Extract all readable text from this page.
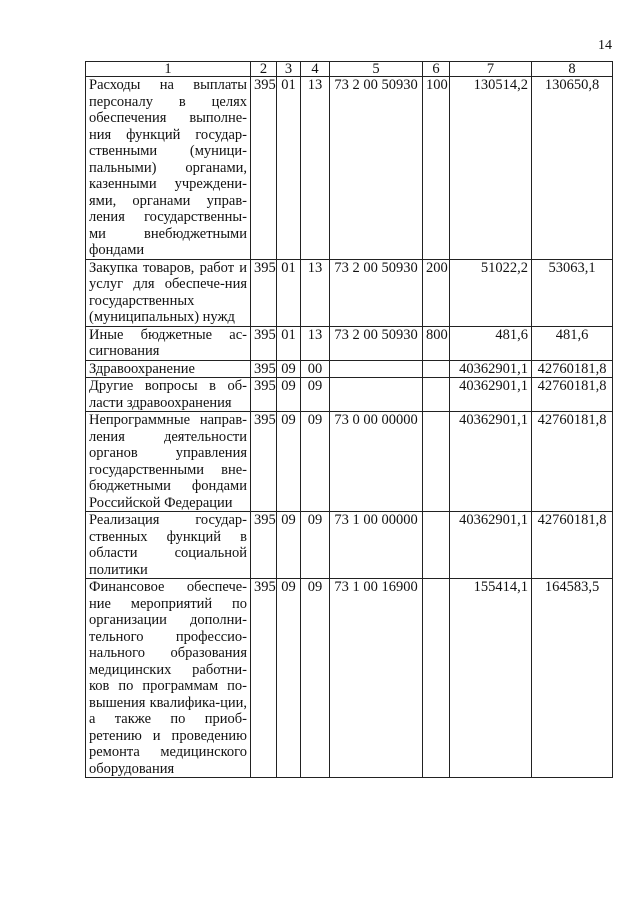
14
1	2	3	4	5	6	7	8
Расходы на выплаты персоналу в целях обеспечения выполне-ния функций государ-ственными (муници-пальными) органами, казенными учреждени-ями, органами управ-ления государственны-ми внебюджетными фондами	395	01	13	73 2 00 50930	100	130514,2	130650,8
Закупка товаров, работ и услуг для обеспече-ния государственных (муниципальных) нужд	395	01	13	73 2 00 50930	200	51022,2	53063,1
Иные бюджетные ас-сигнования	395	01	13	73 2 00 50930	800	481,6	481,6
Здравоохранение	395	09	00			40362901,1	42760181,8
Другие вопросы в об-ласти здравоохранения	395	09	09			40362901,1	42760181,8
Непрограммные направ-ления деятельности органов управления государственными вне-бюджетными фондами Российской Федерации	395	09	09	73 0 00 00000		40362901,1	42760181,8
Реализация государ-ственных функций в области социальной политики	395	09	09	73 1 00 00000		40362901,1	42760181,8
Финансовое обеспече-ние мероприятий по организации дополни-тельного профессио-нального образования медицинских работни-ков по программам по-вышения квалифика-ции, а также по приоб-ретению и проведению ремонта медицинского оборудования	395	09	09	73 1 00 16900		155414,1	164583,5
